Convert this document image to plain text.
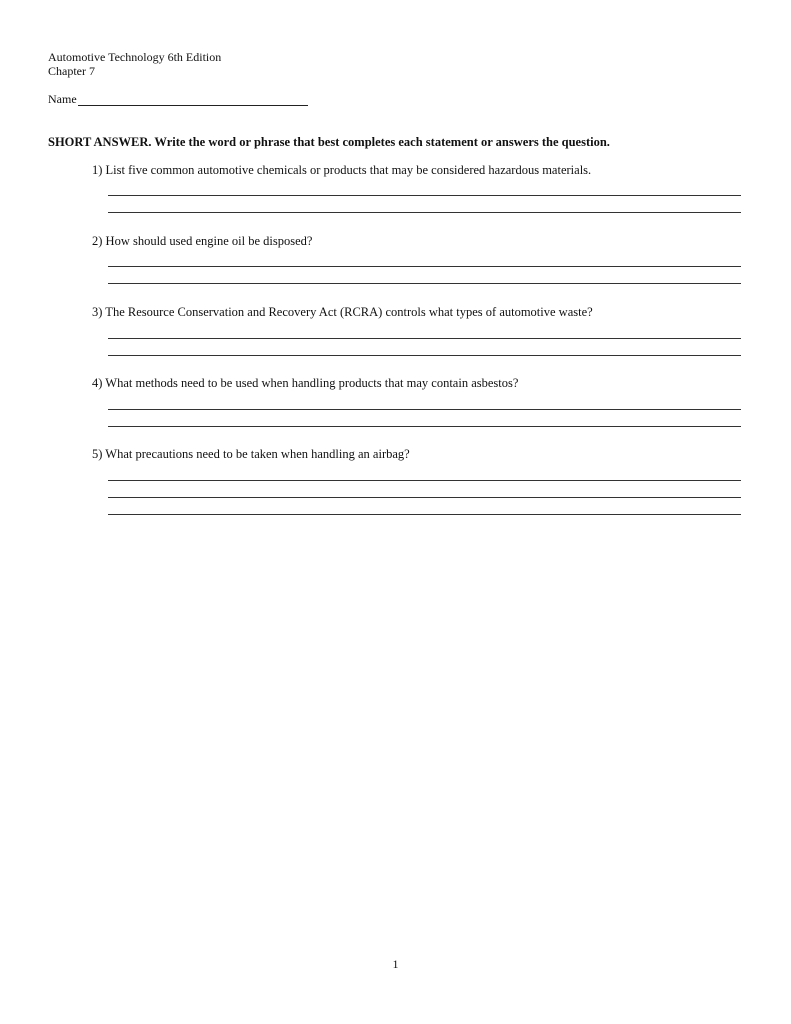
Automotive Technology 6th Edition
Chapter 7
Name
SHORT ANSWER. Write the word or phrase that best completes each statement or answers the question.
1) List five common automotive chemicals or products that may be considered hazardous materials.
2) How should used engine oil be disposed?
3) The Resource Conservation and Recovery Act (RCRA) controls what types of automotive waste?
4) What methods need to be used when handling products that may contain asbestos?
5) What precautions need to be taken when handling an airbag?
1
